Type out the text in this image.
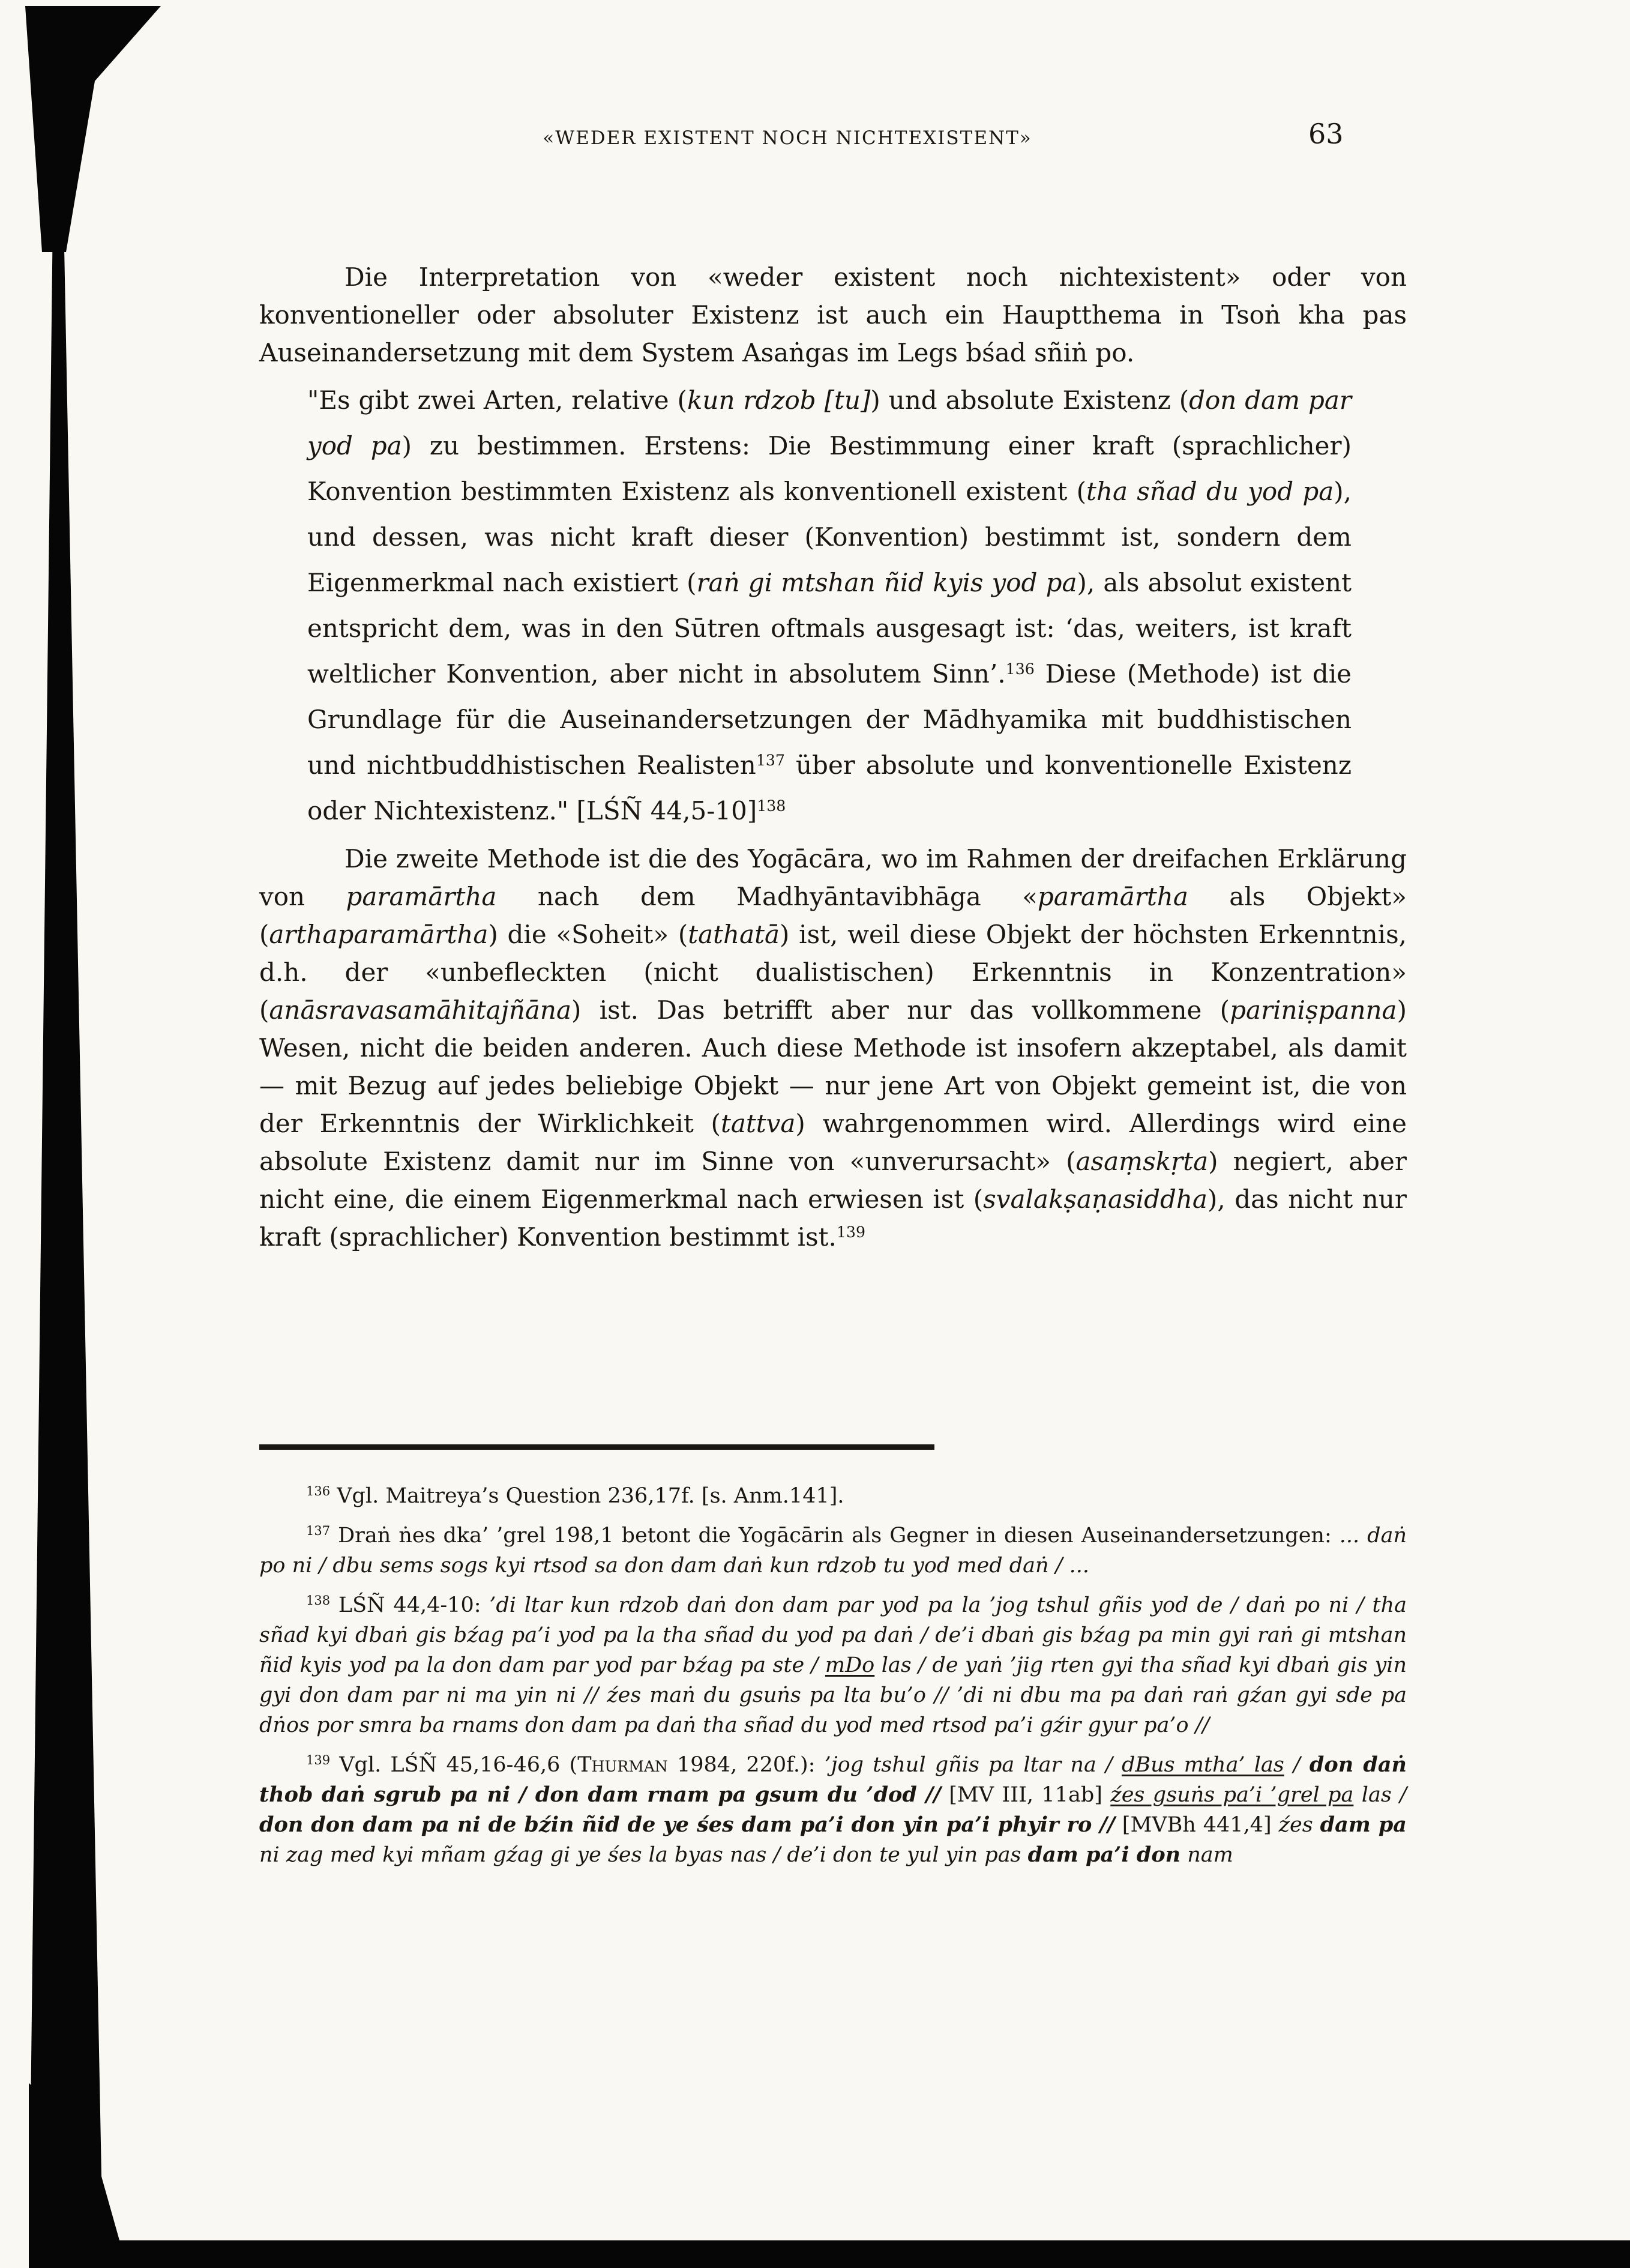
«WEDER EXISTENT NOCH NICHTEXISTENT»	63

Die Interpretation von «weder existent noch nichtexistent» oder von konventioneller oder absoluter Existenz ist auch ein Hauptthema in Tsoṅ kha pas Auseinandersetzung mit dem System Asaṅgas im Legs bśad sñiṅ po.

"Es gibt zwei Arten, relative (kun rdzob [tu]) und absolute Existenz (don dam par yod pa) zu bestimmen. Erstens: Die Bestimmung einer kraft (sprachlicher) Konvention bestimmten Existenz als konventionell existent (tha sñad du yod pa), und dessen, was nicht kraft dieser (Konvention) bestimmt ist, sondern dem Eigenmerkmal nach existiert (raṅ gi mtshan ñid kyis yod pa), als absolut existent entspricht dem, was in den Sūtren oftmals ausgesagt ist: ‘das, weiters, ist kraft weltlicher Konvention, aber nicht in absolutem Sinn’.$^{136}$ Diese (Methode) ist die Grundlage für die Auseinandersetzungen der Mādhyamika mit buddhistischen und nichtbuddhistischen Realisten$^{137}$ über absolute und konventionelle Existenz oder Nichtexistenz." [LŚÑ 44,5-10]$^{138}$

Die zweite Methode ist die des Yogācāra, wo im Rahmen der dreifachen Erklärung von paramārtha nach dem Madhyāntavibhāga «paramārtha als Objekt» (arthaparamārtha) die «Soheit» (tathatā) ist, weil diese Objekt der höchsten Erkenntnis, d.h. der «unbefleckten (nicht dualistischen) Erkenntnis in Konzentration» (anāsravasamāhitajñāna) ist. Das betrifft aber nur das vollkommene (pariniṣpanna) Wesen, nicht die beiden anderen. Auch diese Methode ist insofern akzeptabel, als damit — mit Bezug auf jedes beliebige Objekt — nur jene Art von Objekt gemeint ist, die von der Erkenntnis der Wirklichkeit (tattva) wahrgenommen wird. Allerdings wird eine absolute Existenz damit nur im Sinne von «unverursacht» (asaṃskṛta) negiert, aber nicht eine, die einem Eigenmerkmal nach erwiesen ist (svalakṣaṇasiddha), das nicht nur kraft (sprachlicher) Konvention bestimmt ist.$^{139}$

$^{136}$ Vgl. Maitreya’s Question 236,17f. [s. Anm.141].

$^{137}$ Draṅ ṅes dka’ ’grel 198,1 betont die Yogācārin als Gegner in diesen Auseinandersetzungen: ... daṅ po ni / dbu sems sogs kyi rtsod sa don dam daṅ kun rdzob tu yod med daṅ / ...

$^{138}$ LŚÑ 44,4-10: ’di ltar kun rdzob daṅ don dam par yod pa la ’jog tshul gñis yod de / daṅ po ni / tha sñad kyi dbaṅ gis bźag pa’i yod pa la tha sñad du yod pa daṅ / de’i dbaṅ gis bźag pa min gyi raṅ gi mtshan ñid kyis yod pa la don dam par yod par bźag pa ste / mDo las / de yaṅ ’jig rten gyi tha sñad kyi dbaṅ gis yin gyi don dam par ni ma yin ni // źes maṅ du gsuṅs pa lta bu’o // ’di ni dbu ma pa daṅ raṅ gźan gyi sde pa dṅos por smra ba rnams don dam pa daṅ tha sñad du yod med rtsod pa’i gźir gyur pa’o //

$^{139}$ Vgl. LŚÑ 45,16-46,6 (Thurman 1984, 220f.): ’jog tshul gñis pa ltar na / dBus mtha’ las / don daṅ thob daṅ sgrub pa ni / don dam rnam pa gsum du ’dod // [MV III, 11ab] źes gsuṅs pa’i ’grel pa las / don don dam pa ni de bźin ñid de ye śes dam pa’i don yin pa’i phyir ro // [MVBh 441,4] źes dam pa ni zag med kyi mñam gźag gi ye śes la byas nas / de’i don te yul yin pas dam pa’i don nam
